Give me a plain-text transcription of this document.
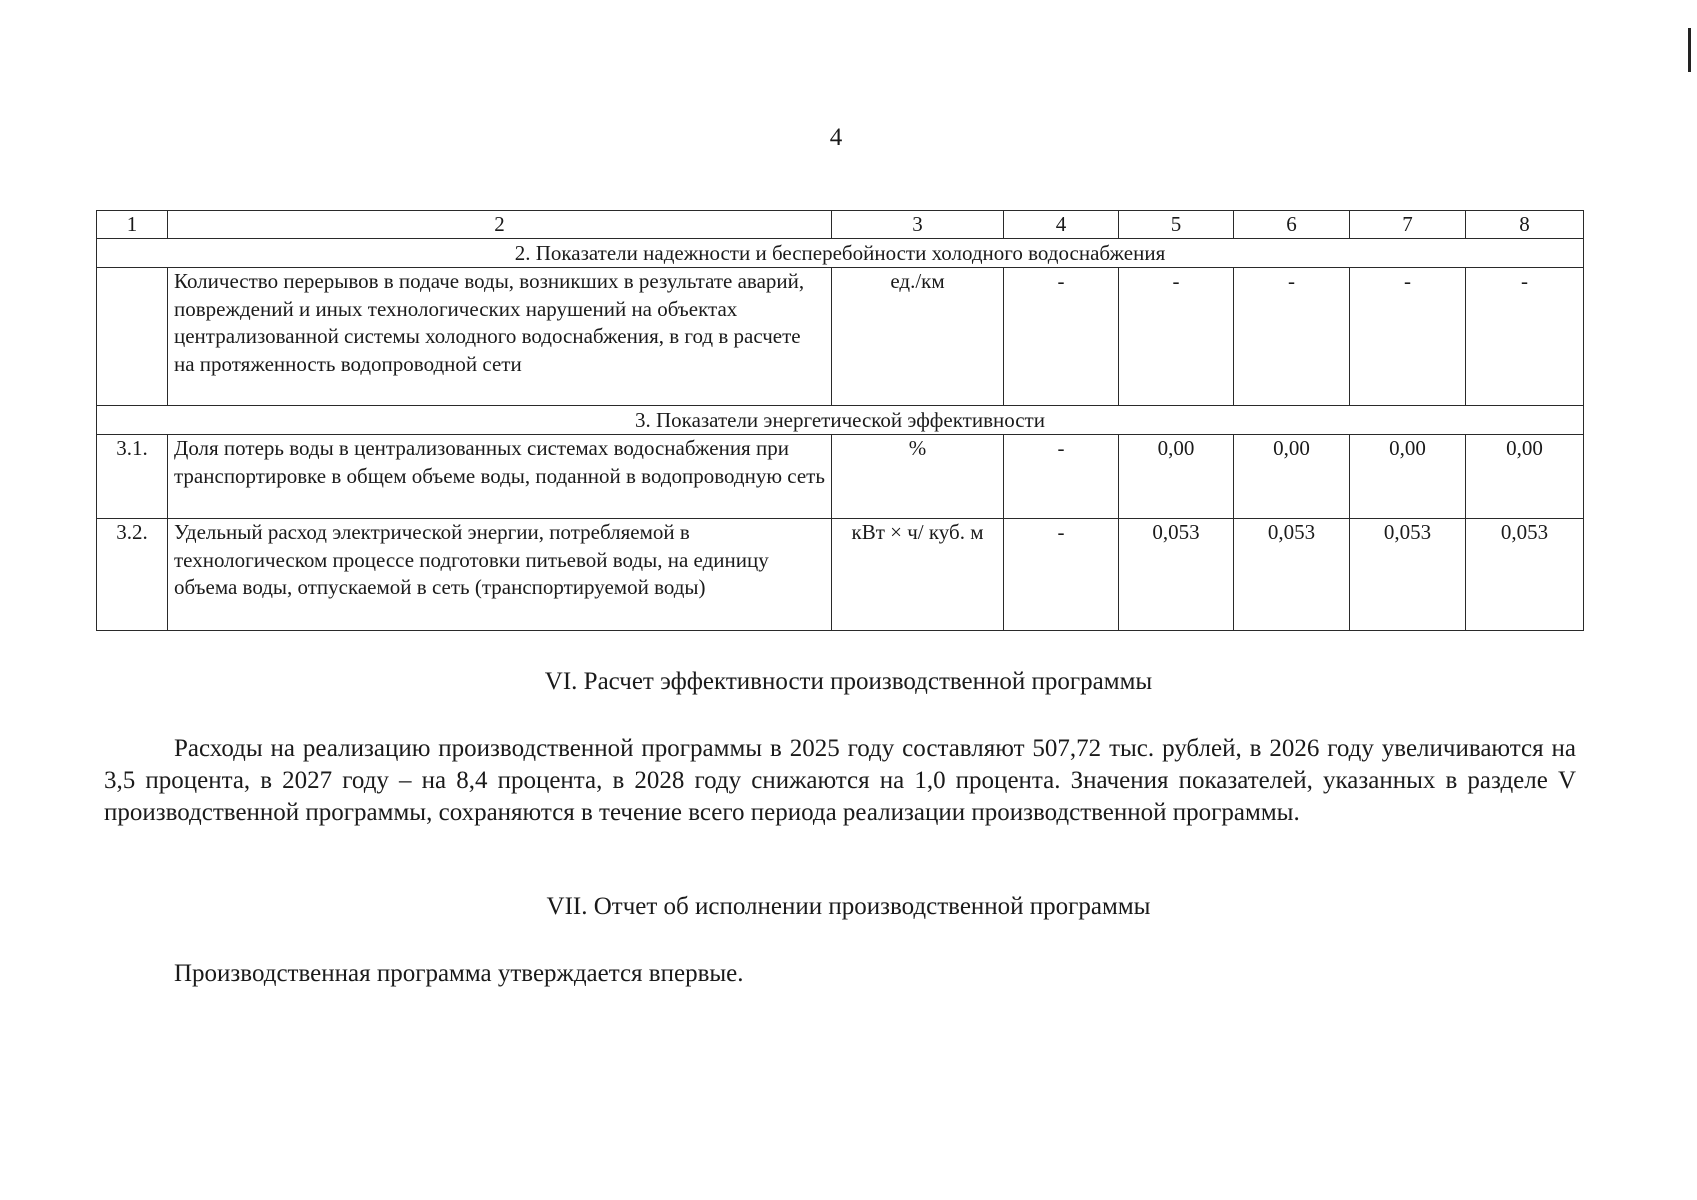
4
1	2	3	4	5	6	7	8
2. Показатели надежности и бесперебойности холодного водоснабжения							
	Количество перерывов в подаче воды, возникших в результате аварий, повреждений и иных технологических нарушений на объектах централизованной системы холодного водоснабжения, в год в расчете на протяженность водопроводной сети	ед./км	-	-	-	-	-
3. Показатели энергетической эффективности							
3.1.	Доля потерь воды в централизованных системах водоснабжения при транспортировке в общем объеме воды, поданной в водопроводную сеть	%	-	0,00	0,00	0,00	0,00
3.2.	Удельный расход электрической энергии, потребляемой в технологическом процессе подготовки питьевой воды, на единицу объема воды, отпускаемой в сеть (транспортируемой воды)	кВт × ч/ куб. м	-	0,053	0,053	0,053	0,053
VI. Расчет эффективности производственной программы
Расходы на реализацию производственной программы в 2025 году составляют 507,72 тыс. рублей, в 2026 году увеличиваются на 3,5 процента, в 2027 году – на 8,4 процента, в 2028 году снижаются на 1,0 процента. Значения показателей, указанных в разделе V производственной программы, сохраняются в течение всего периода реализации производственной программы.
VII. Отчет об исполнении производственной программы
Производственная программа утверждается впервые.
